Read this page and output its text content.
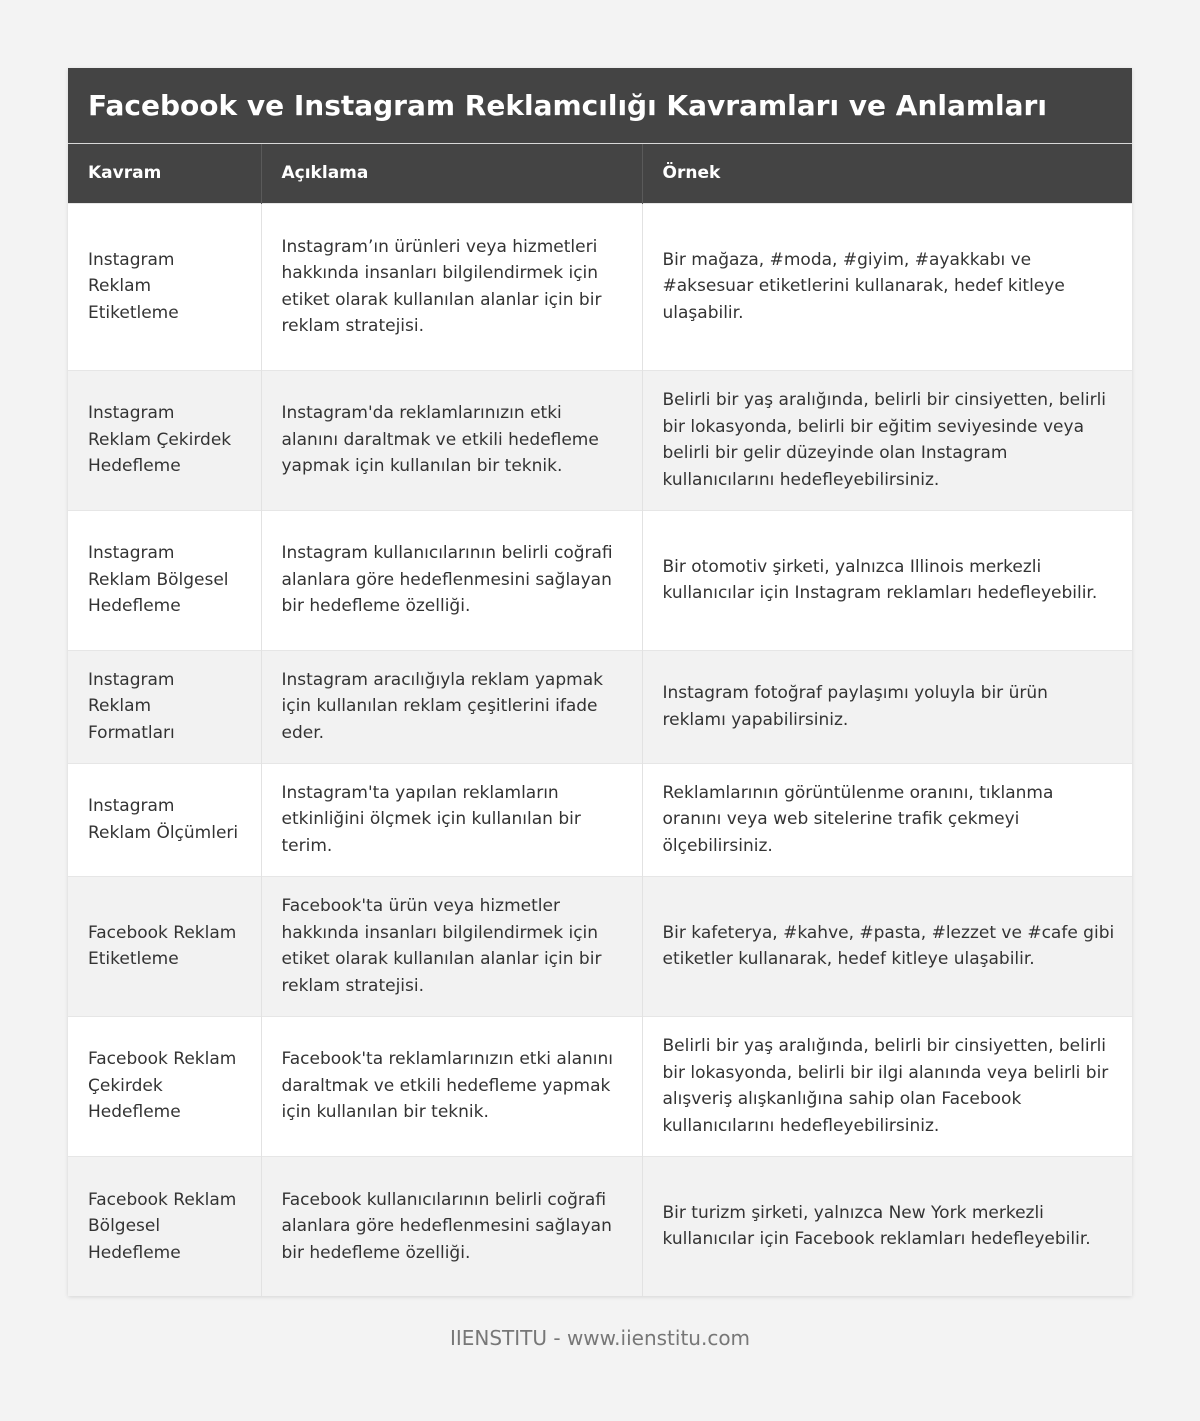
Facebook ve Instagram Reklamcılığı Kavramları ve Anlamları
Kavram	Açıklama	Örnek
Instagram Reklam Etiketleme	Instagram’ın ürünleri veya hizmetleri hakkında insanları bilgilendirmek için etiket olarak kullanılan alanlar için bir reklam stratejisi.	Bir mağaza, #moda, #giyim, #ayakkabı ve #aksesuar etiketlerini kullanarak, hedef kitleye ulaşabilir.
Instagram Reklam Çekirdek Hedefleme	Instagram'da reklamlarınızın etki alanını daraltmak ve etkili hedefleme yapmak için kullanılan bir teknik.	Belirli bir yaş aralığında, belirli bir cinsiyetten, belirli bir lokasyonda, belirli bir eğitim seviyesinde veya belirli bir gelir düzeyinde olan Instagram kullanıcılarını hedefleyebilirsiniz.
Instagram Reklam Bölgesel Hedefleme	Instagram kullanıcılarının belirli coğrafi alanlara göre hedeflenmesini sağlayan bir hedefleme özelliği.	Bir otomotiv şirketi, yalnızca Illinois merkezli kullanıcılar için Instagram reklamları hedefleyebilir.
Instagram Reklam Formatları	Instagram aracılığıyla reklam yapmak için kullanılan reklam çeşitlerini ifade eder.	Instagram fotoğraf paylaşımı yoluyla bir ürün reklamı yapabilirsiniz.
Instagram Reklam Ölçümleri	Instagram'ta yapılan reklamların etkinliğini ölçmek için kullanılan bir terim.	Reklamlarının görüntülenme oranını, tıklanma oranını veya web sitelerine trafik çekmeyi ölçebilirsiniz.
Facebook Reklam Etiketleme	Facebook'ta ürün veya hizmetler hakkında insanları bilgilendirmek için etiket olarak kullanılan alanlar için bir reklam stratejisi.	Bir kafeterya, #kahve, #pasta, #lezzet ve #cafe gibi etiketler kullanarak, hedef kitleye ulaşabilir.
Facebook Reklam Çekirdek Hedefleme	Facebook'ta reklamlarınızın etki alanını daraltmak ve etkili hedefleme yapmak için kullanılan bir teknik.	Belirli bir yaş aralığında, belirli bir cinsiyetten, belirli bir lokasyonda, belirli bir ilgi alanında veya belirli bir alışveriş alışkanlığına sahip olan Facebook kullanıcılarını hedefleyebilirsiniz.
Facebook Reklam Bölgesel Hedefleme	Facebook kullanıcılarının belirli coğrafi alanlara göre hedeflenmesini sağlayan bir hedefleme özelliği.	Bir turizm şirketi, yalnızca New York merkezli kullanıcılar için Facebook reklamları hedefleyebilir.
IIENSTITU - www.iienstitu.com
